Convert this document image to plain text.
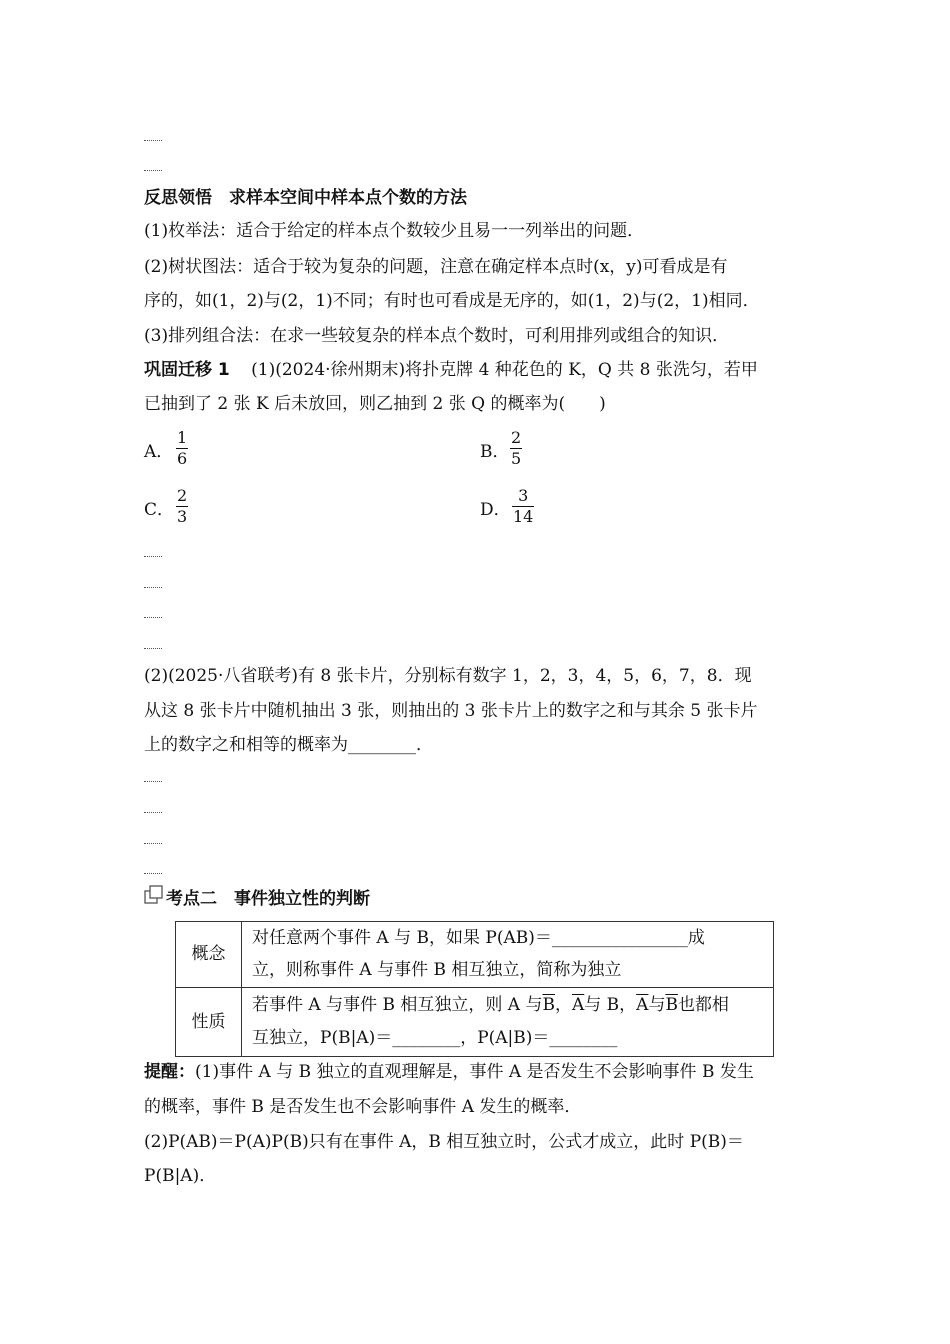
反思领悟　求样本空间中样本点个数的方法
(1)枚举法：适合于给定的样本点个数较少且易一一列举出的问题．
(2)树状图法：适合于较为复杂的问题，注意在确定样本点时(x，y)可看成是有
序的，如(1，2)与(2，1)不同；有时也可看成是无序的，如(1，2)与(2，1)相同．
(3)排列组合法：在求一些较复杂的样本点个数时，可利用排列或组合的知识．
巩固迁移 1 (1)(2024·徐州期末)将扑克牌 4 种花色的 K，Q 共 8 张洗匀，若甲
已抽到了 2 张 K 后未放回，则乙抽到 2 张 Q 的概率为(　　)
A． $\frac{1}{6}$	B． $\frac{2}{5}$
C． $\frac{2}{3}$	D． $\frac{3}{14}$
(2)(2025·八省联考)有 8 张卡片，分别标有数字 1，2，3，4，5，6，7，8．现
从这 8 张卡片中随机抽出 3 张，则抽出的 3 张卡片上的数字之和与其余 5 张卡片
上的数字之和相等的概率为________．
考点二　事件独立性的判断
概念
对任意两个事件 A 与 B，如果 P(AB)＝________________成
立，则称事件 A 与事件 B 相互独立，简称为独立
性质
若事件 A 与事件 B 相互独立，则 A 与$\overline{B}$，$\overline{A}$与 B，$\overline{A}$与$\overline{B}$也都相
互独立，P(B|A)＝________，P(A|B)＝________
提醒：(1)事件 A 与 B 独立的直观理解是，事件 A 是否发生不会影响事件 B 发生
的概率，事件 B 是否发生也不会影响事件 A 发生的概率．
(2)P(AB)＝P(A)P(B)只有在事件 A，B 相互独立时，公式才成立，此时 P(B)＝
P(B|A)．
